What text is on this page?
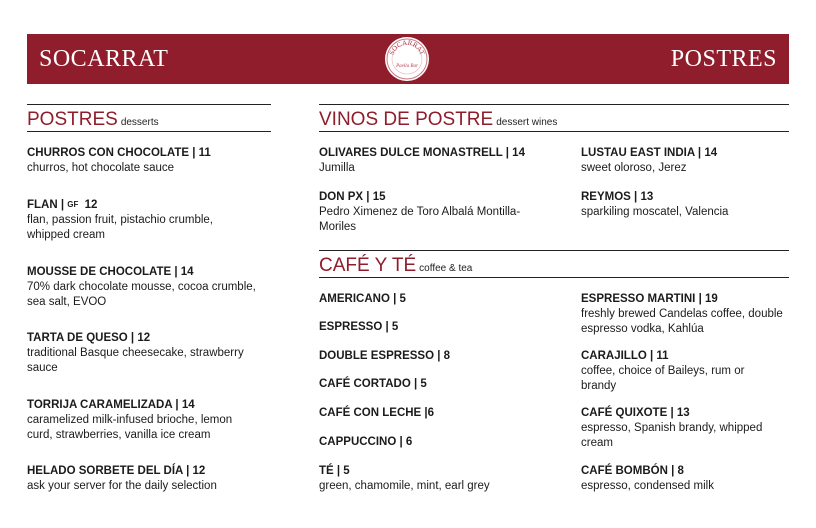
SOCARRAT	SOCARRAT
Paella Bar	POSTRES
POSTRES desserts
CHURROS CON CHOCOLATE | 11
churros, hot chocolate sauce
FLAN | GF 12
flan, passion fruit, pistachio crumble, whipped cream
MOUSSE DE CHOCOLATE | 14
70% dark chocolate mousse, cocoa crumble, sea salt, EVOO
TARTA DE QUESO | 12
traditional Basque cheesecake, strawberry sauce
TORRIJA CARAMELIZADA | 14
caramelized milk-infused brioche, lemon curd, strawberries, vanilla ice cream
HELADO SORBETE DEL DÍA | 12
ask your server for the daily selection
VINOS DE POSTRE dessert wines
OLIVARES DULCE MONASTRELL | 14
Jumilla
LUSTAU EAST INDIA | 14
sweet oloroso, Jerez
DON PX | 15
Pedro Ximenez de Toro Albalá Montilla-Moriles
REYMOS | 13
sparkiling moscatel, Valencia
CAFÉ Y TÉ coffee & tea
AMERICANO | 5
ESPRESSO | 5
DOUBLE ESPRESSO | 8
CAFÉ CORTADO | 5
CAFÉ CON LECHE |6
CAPPUCCINO | 6
TÉ | 5
green, chamomile, mint, earl grey
ESPRESSO MARTINI | 19
freshly brewed Candelas coffee, double espresso vodka, Kahlúa
CARAJILLO | 11
coffee, choice of Baileys, rum or brandy
CAFÉ QUIXOTE | 13
espresso, Spanish brandy, whipped cream
CAFÉ BOMBÓN | 8
espresso, condensed milk
